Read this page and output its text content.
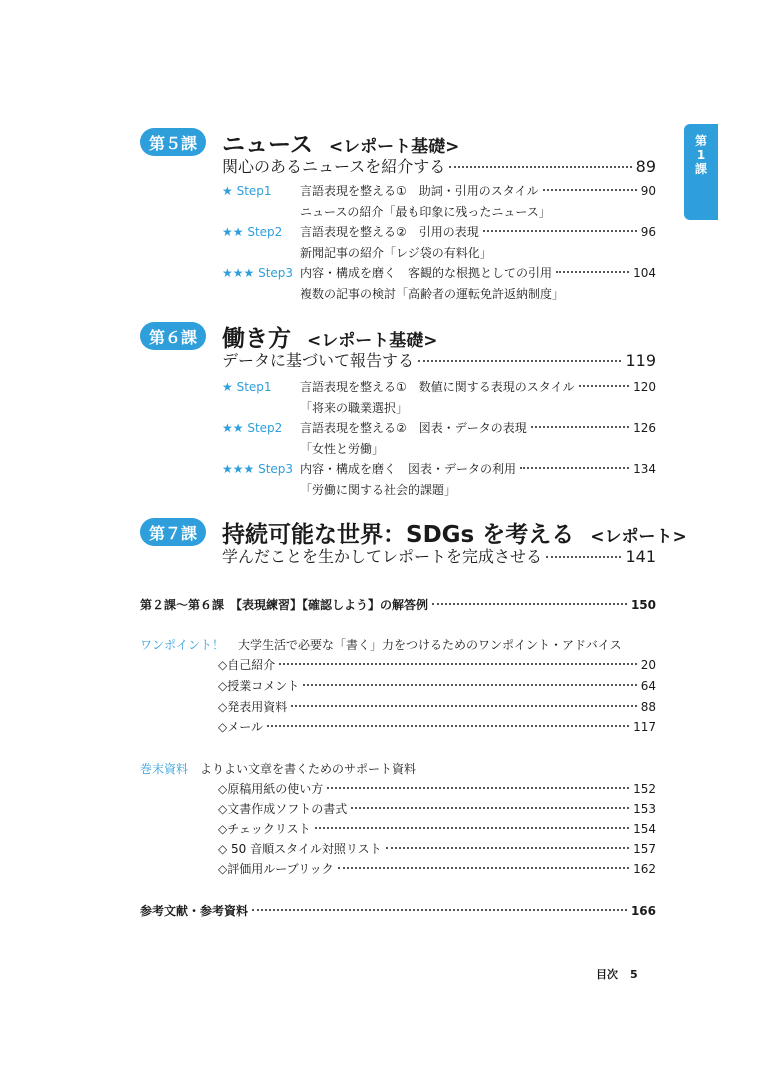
第
1
課
第５課	ニュース <レポート基礎>
関心のあるニュースを紹介する	89
★ Step1	言語表現を整える①　助詞・引用のスタイル	90
ニュースの紹介「最も印象に残ったニュース」
★★ Step2	言語表現を整える②　引用の表現	96
新聞記事の紹介「レジ袋の有料化」
★★★ Step3 内容・構成を磨く　客観的な根拠としての引用	104
複数の記事の検討「高齢者の運転免許返納制度」
第６課	働き方 <レポート基礎>
データに基づいて報告する	119
★ Step1	言語表現を整える①　数値に関する表現のスタイル	120
「将来の職業選択」
★★ Step2	言語表現を整える②　図表・データの表現	126
「女性と労働」
★★★ Step3 内容・構成を磨く　図表・データの利用	134
「労働に関する社会的課題」
第７課	持続可能な世界：SDGs を考える <レポート>
学んだことを生かしてレポートを完成させる	141
第２課〜第６課　【表現練習】【確認しよう】の解答例	150
ワンポイント！ 大学生活で必要な「書く」力をつけるためのワンポイント・アドバイス
◇自己紹介	20
◇授業コメント	64
◇発表用資料	88
◇メール	117
巻末資料 よりよい文章を書くためのサポート資料
◇原稿用紙の使い方	152
◇文書作成ソフトの書式	153
◇チェックリスト	154
◇ 50 音順スタイル対照リスト	157
◇評価用ルーブリック	162
参考文献・参考資料	166
目次 5
